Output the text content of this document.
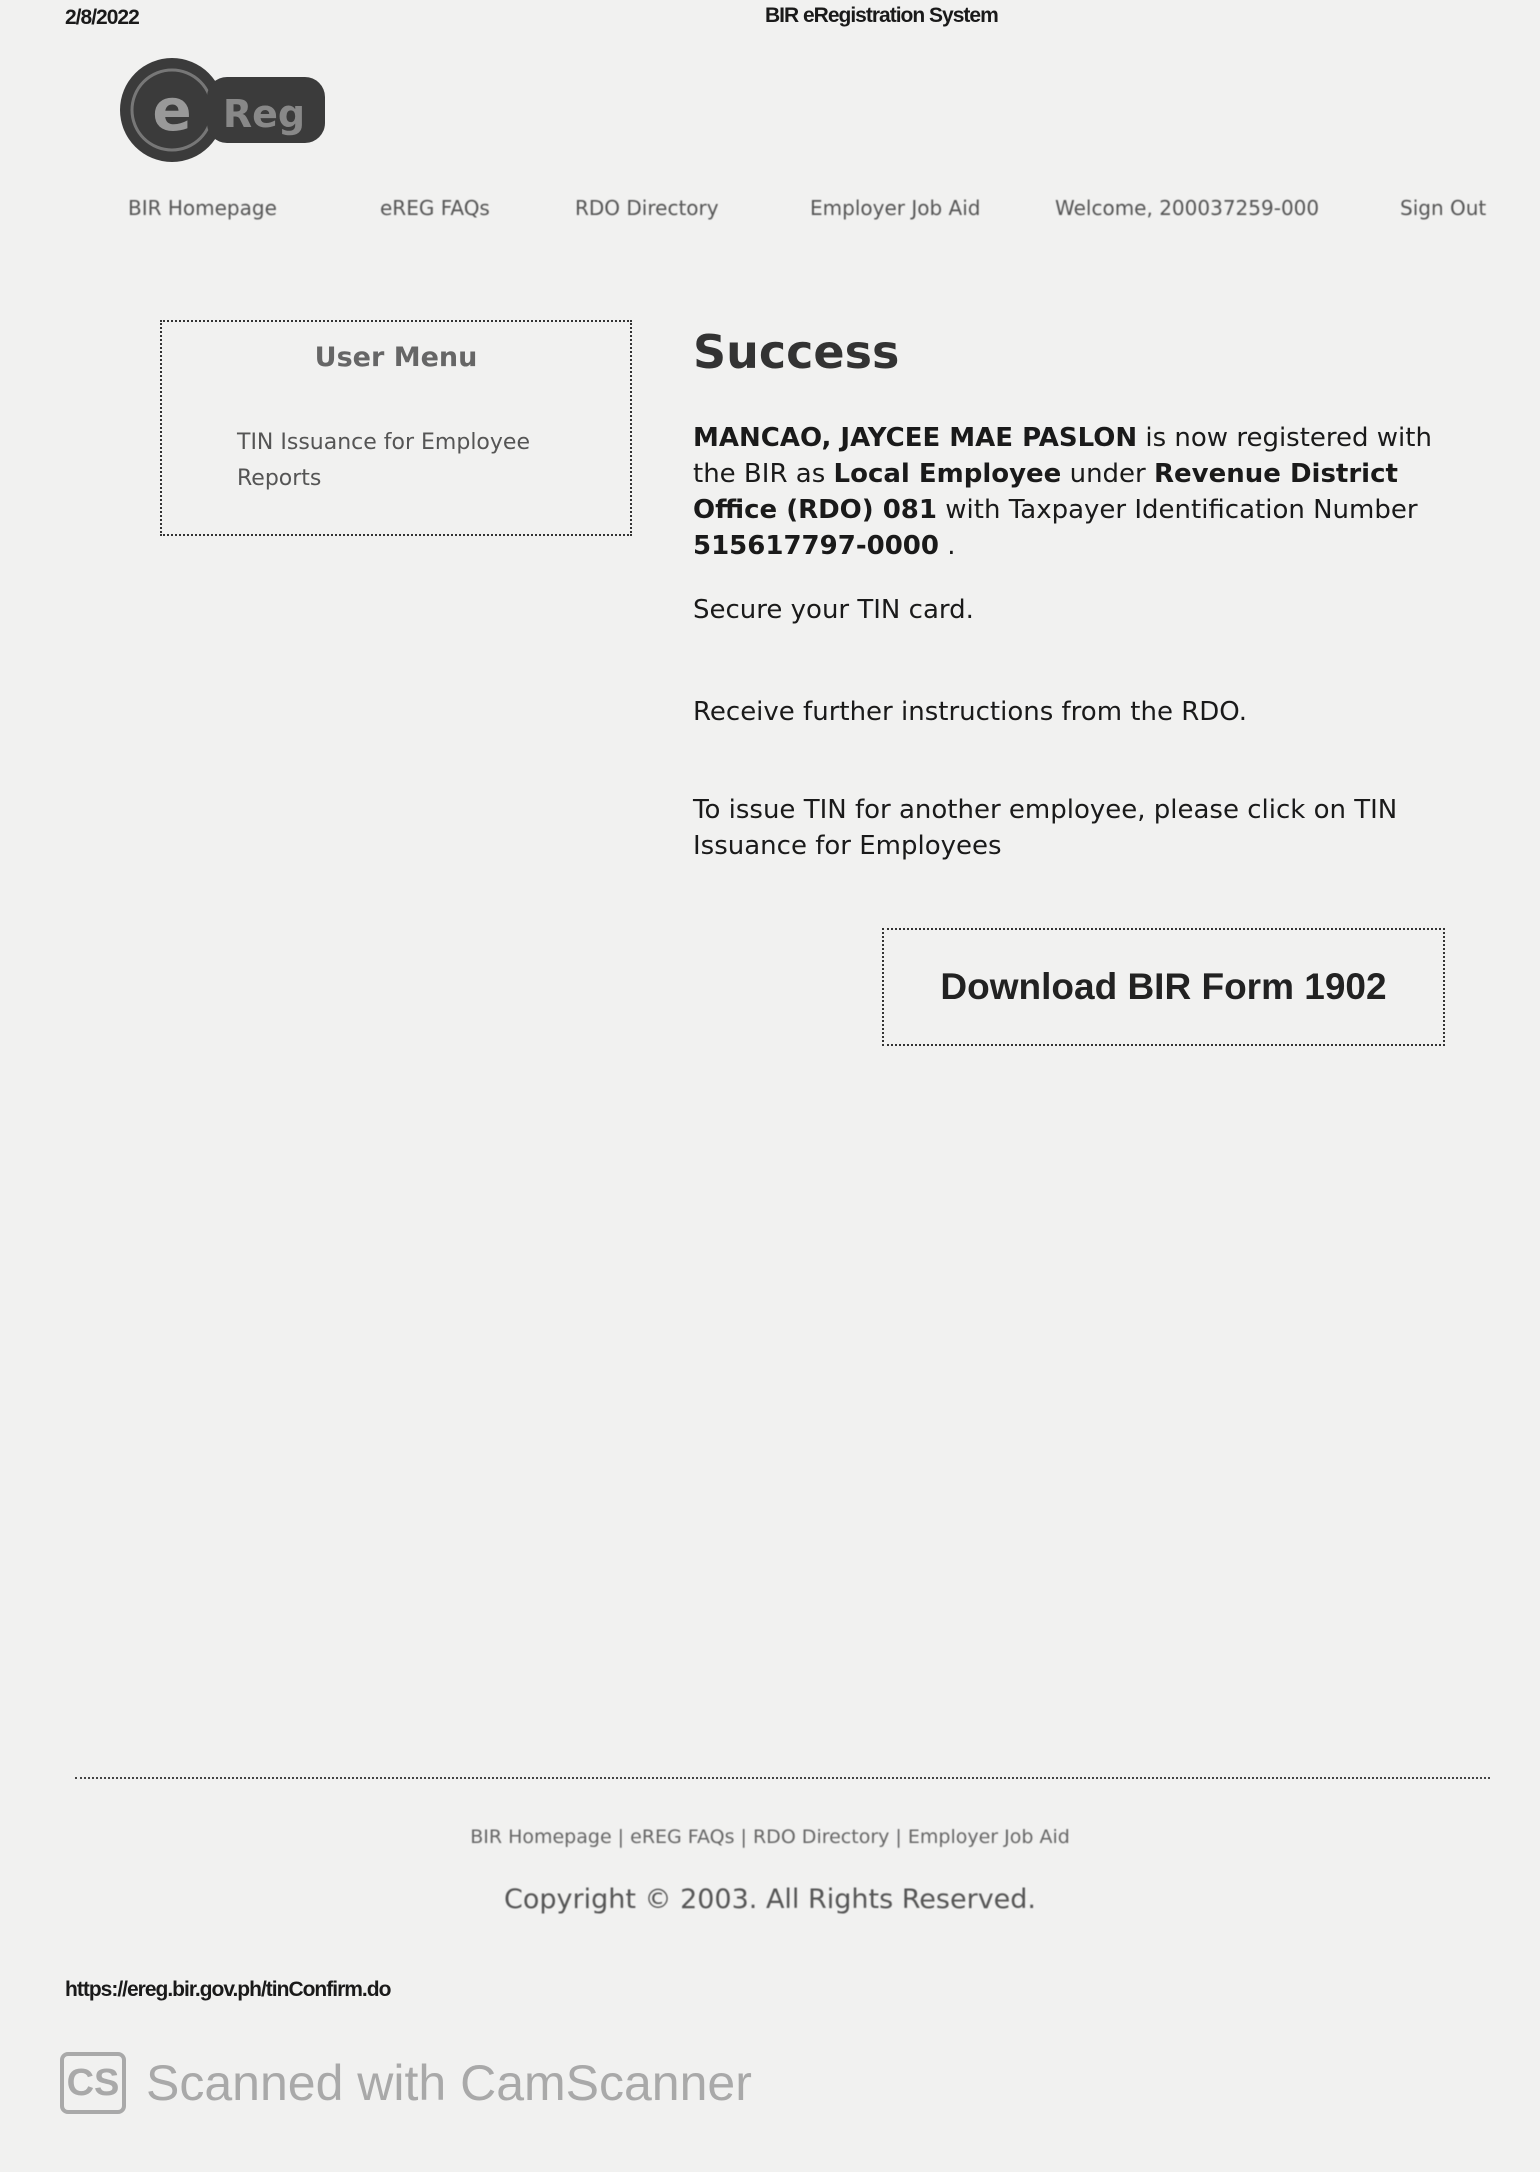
2/8/2022	BIR eRegistration System
e Reg
BIR Homepage	eREG FAQs	RDO Directory	Employer Job Aid	Welcome, 200037259-000	Sign Out
User Menu
TIN Issuance for Employee
Reports
Success
MANCAO, JAYCEE MAE PASLON is now registered with the BIR as Local Employee under Revenue District Office (RDO) 081 with Taxpayer Identification Number 515617797-0000 .
Secure your TIN card.
Receive further instructions from the RDO.
To issue TIN for another employee, please click on TIN Issuance for Employees
Download BIR Form 1902
BIR Homepage | eREG FAQs | RDO Directory | Employer Job Aid
Copyright © 2003. All Rights Reserved.
https://ereg.bir.gov.ph/tinConfirm.do
CS Scanned with CamScanner
